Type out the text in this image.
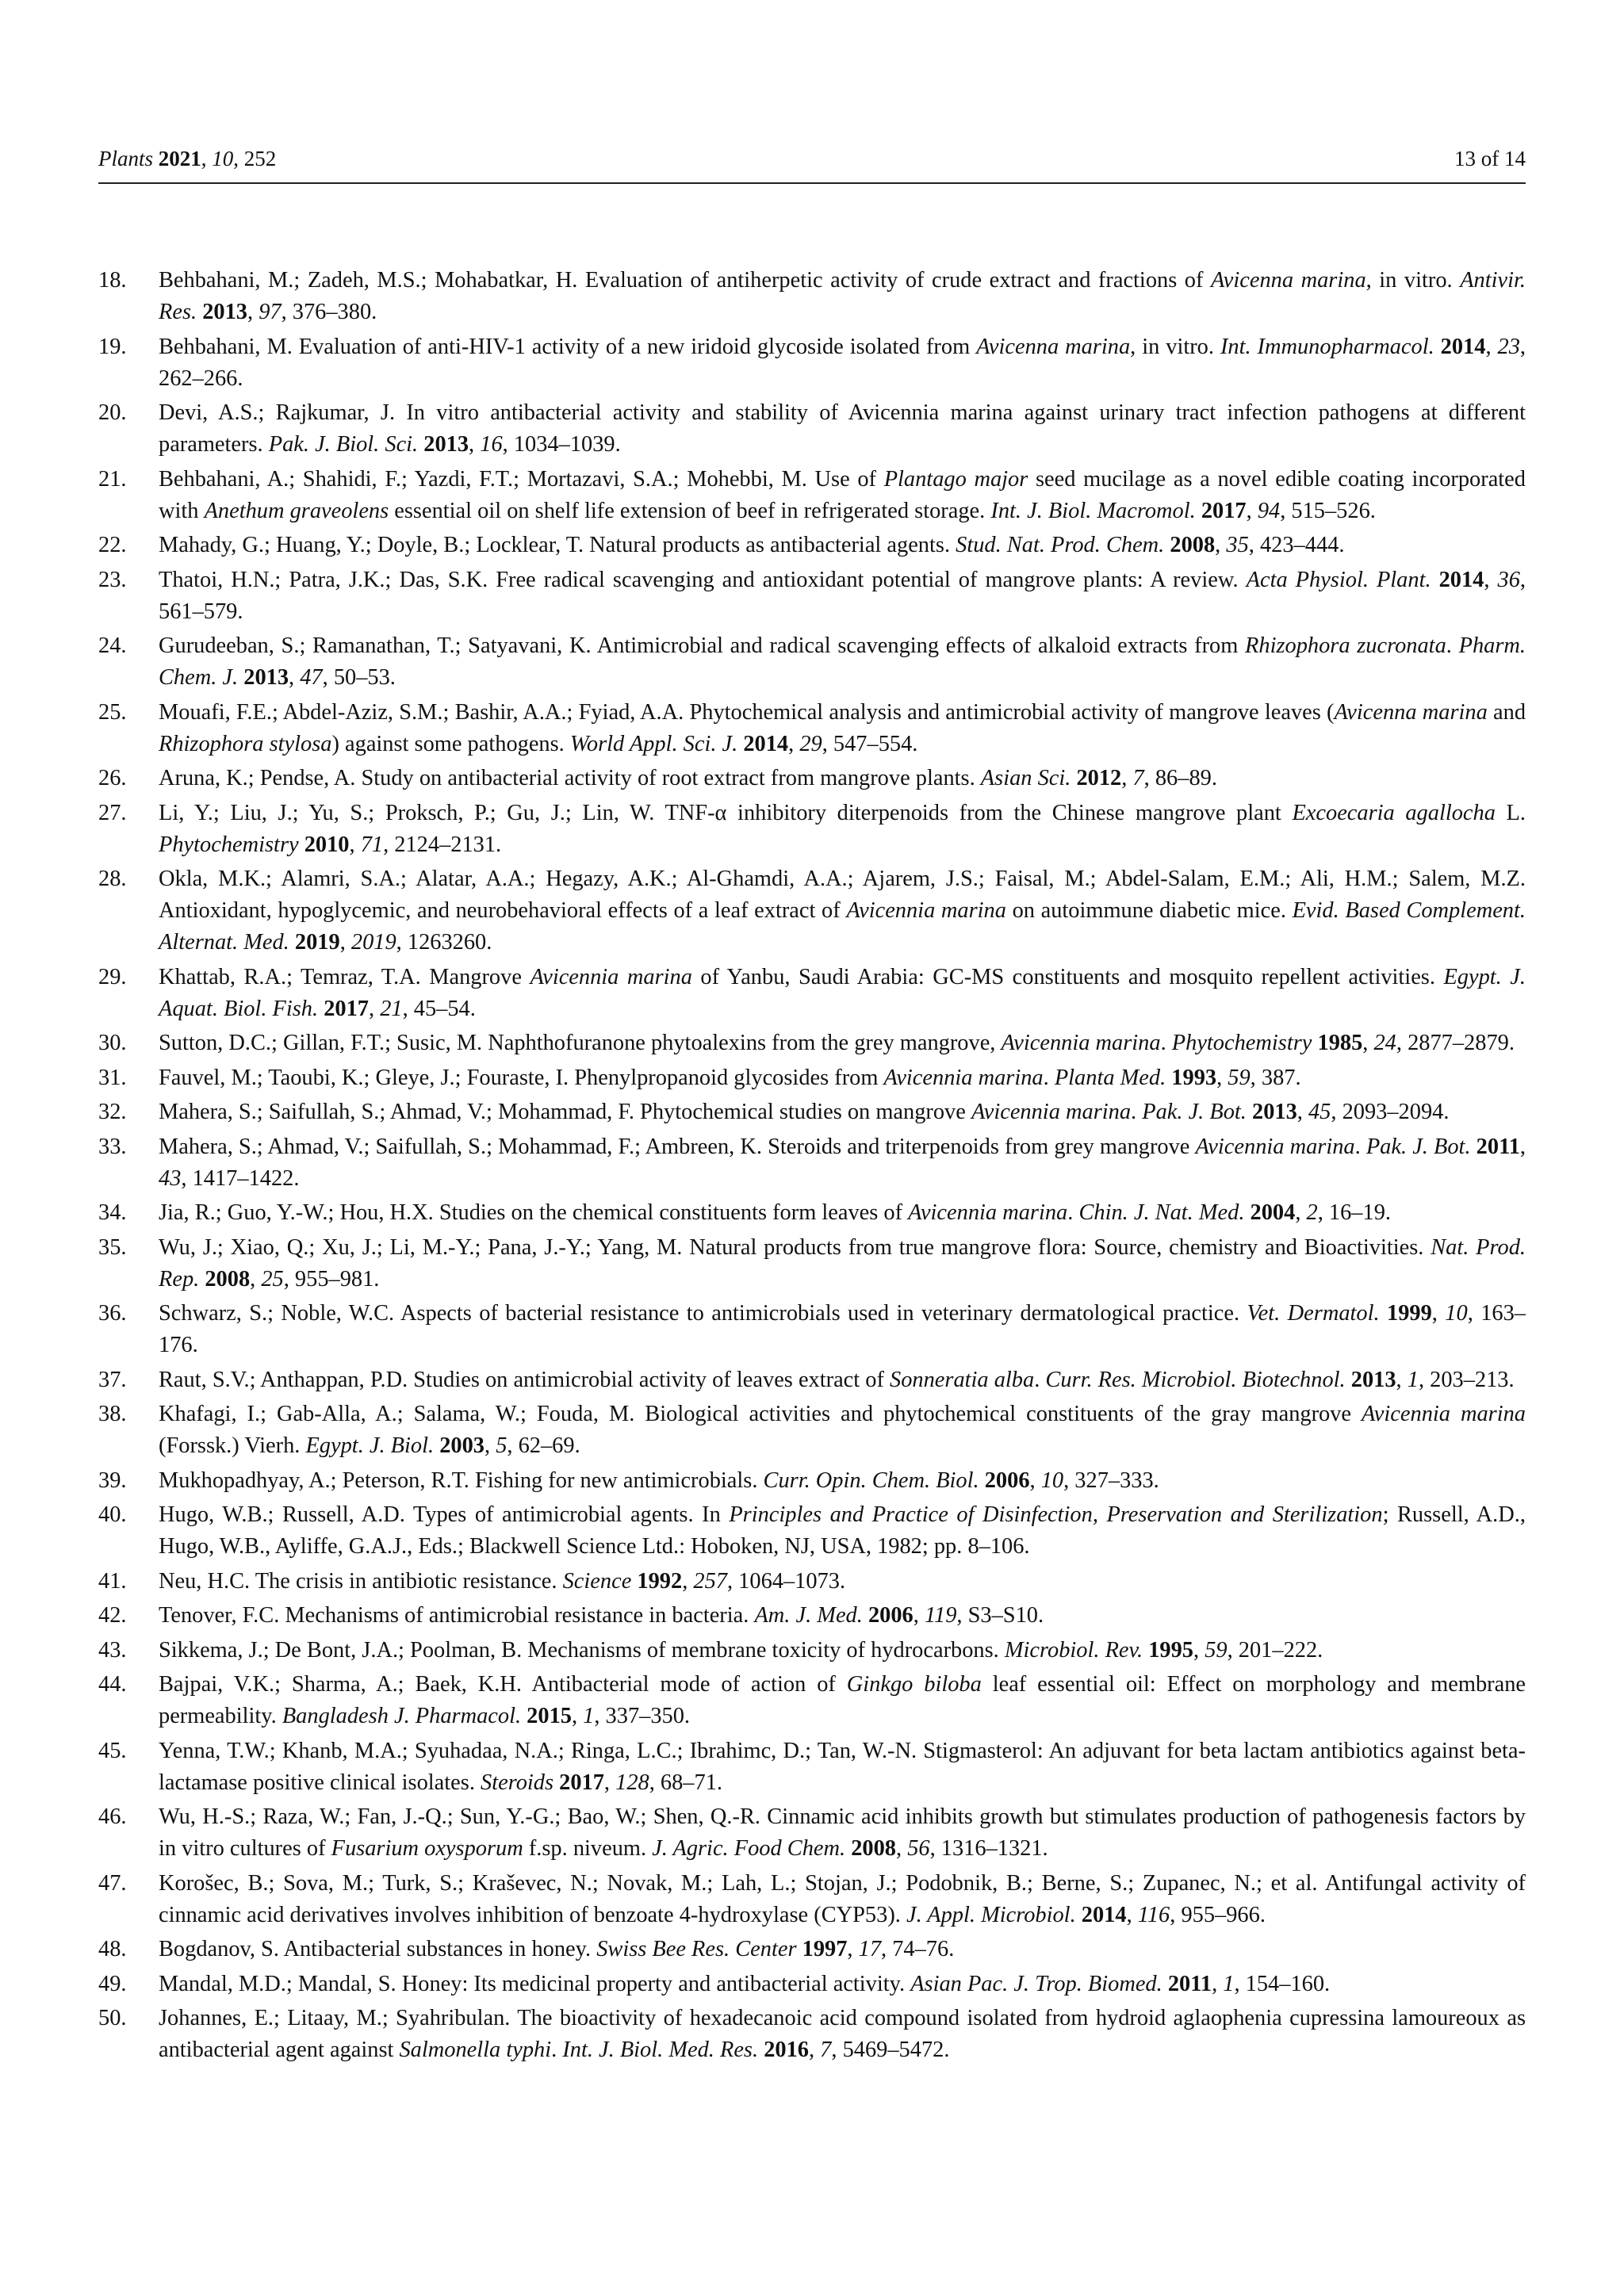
Plants 2021, 10, 252	13 of 14
18. Behbahani, M.; Zadeh, M.S.; Mohabatkar, H. Evaluation of antiherpetic activity of crude extract and fractions of Avicenna marina, in vitro. Antivir. Res. 2013, 97, 376–380.
19. Behbahani, M. Evaluation of anti-HIV-1 activity of a new iridoid glycoside isolated from Avicenna marina, in vitro. Int. Immunopharmacol. 2014, 23, 262–266.
20. Devi, A.S.; Rajkumar, J. In vitro antibacterial activity and stability of Avicennia marina against urinary tract infection pathogens at different parameters. Pak. J. Biol. Sci. 2013, 16, 1034–1039.
21. Behbahani, A.; Shahidi, F.; Yazdi, F.T.; Mortazavi, S.A.; Mohebbi, M. Use of Plantago major seed mucilage as a novel edible coating incorporated with Anethum graveolens essential oil on shelf life extension of beef in refrigerated storage. Int. J. Biol. Macromol. 2017, 94, 515–526.
22. Mahady, G.; Huang, Y.; Doyle, B.; Locklear, T. Natural products as antibacterial agents. Stud. Nat. Prod. Chem. 2008, 35, 423–444.
23. Thatoi, H.N.; Patra, J.K.; Das, S.K. Free radical scavenging and antioxidant potential of mangrove plants: A review. Acta Physiol. Plant. 2014, 36, 561–579.
24. Gurudeeban, S.; Ramanathan, T.; Satyavani, K. Antimicrobial and radical scavenging effects of alkaloid extracts from Rhizophora zucronata. Pharm. Chem. J. 2013, 47, 50–53.
25. Mouafi, F.E.; Abdel-Aziz, S.M.; Bashir, A.A.; Fyiad, A.A. Phytochemical analysis and antimicrobial activity of mangrove leaves (Avicenna marina and Rhizophora stylosa) against some pathogens. World Appl. Sci. J. 2014, 29, 547–554.
26. Aruna, K.; Pendse, A. Study on antibacterial activity of root extract from mangrove plants. Asian Sci. 2012, 7, 86–89.
27. Li, Y.; Liu, J.; Yu, S.; Proksch, P.; Gu, J.; Lin, W. TNF-α inhibitory diterpenoids from the Chinese mangrove plant Excoecaria agallocha L. Phytochemistry 2010, 71, 2124–2131.
28. Okla, M.K.; Alamri, S.A.; Alatar, A.A.; Hegazy, A.K.; Al-Ghamdi, A.A.; Ajarem, J.S.; Faisal, M.; Abdel-Salam, E.M.; Ali, H.M.; Salem, M.Z. Antioxidant, hypoglycemic, and neurobehavioral effects of a leaf extract of Avicennia marina on autoimmune diabetic mice. Evid. Based Complement. Alternat. Med. 2019, 2019, 1263260.
29. Khattab, R.A.; Temraz, T.A. Mangrove Avicennia marina of Yanbu, Saudi Arabia: GC-MS constituents and mosquito repellent activities. Egypt. J. Aquat. Biol. Fish. 2017, 21, 45–54.
30. Sutton, D.C.; Gillan, F.T.; Susic, M. Naphthofuranone phytoalexins from the grey mangrove, Avicennia marina. Phytochemistry 1985, 24, 2877–2879.
31. Fauvel, M.; Taoubi, K.; Gleye, J.; Fouraste, I. Phenylpropanoid glycosides from Avicennia marina. Planta Med. 1993, 59, 387.
32. Mahera, S.; Saifullah, S.; Ahmad, V.; Mohammad, F. Phytochemical studies on mangrove Avicennia marina. Pak. J. Bot. 2013, 45, 2093–2094.
33. Mahera, S.; Ahmad, V.; Saifullah, S.; Mohammad, F.; Ambreen, K. Steroids and triterpenoids from grey mangrove Avicennia marina. Pak. J. Bot. 2011, 43, 1417–1422.
34. Jia, R.; Guo, Y.-W.; Hou, H.X. Studies on the chemical constituents form leaves of Avicennia marina. Chin. J. Nat. Med. 2004, 2, 16–19.
35. Wu, J.; Xiao, Q.; Xu, J.; Li, M.-Y.; Pana, J.-Y.; Yang, M. Natural products from true mangrove flora: Source, chemistry and Bioactivities. Nat. Prod. Rep. 2008, 25, 955–981.
36. Schwarz, S.; Noble, W.C. Aspects of bacterial resistance to antimicrobials used in veterinary dermatological practice. Vet. Dermatol. 1999, 10, 163–176.
37. Raut, S.V.; Anthappan, P.D. Studies on antimicrobial activity of leaves extract of Sonneratia alba. Curr. Res. Microbiol. Biotechnol. 2013, 1, 203–213.
38. Khafagi, I.; Gab-Alla, A.; Salama, W.; Fouda, M. Biological activities and phytochemical constituents of the gray mangrove Avicennia marina (Forssk.) Vierh. Egypt. J. Biol. 2003, 5, 62–69.
39. Mukhopadhyay, A.; Peterson, R.T. Fishing for new antimicrobials. Curr. Opin. Chem. Biol. 2006, 10, 327–333.
40. Hugo, W.B.; Russell, A.D. Types of antimicrobial agents. In Principles and Practice of Disinfection, Preservation and Sterilization; Russell, A.D., Hugo, W.B., Ayliffe, G.A.J., Eds.; Blackwell Science Ltd.: Hoboken, NJ, USA, 1982; pp. 8–106.
41. Neu, H.C. The crisis in antibiotic resistance. Science 1992, 257, 1064–1073.
42. Tenover, F.C. Mechanisms of antimicrobial resistance in bacteria. Am. J. Med. 2006, 119, S3–S10.
43. Sikkema, J.; De Bont, J.A.; Poolman, B. Mechanisms of membrane toxicity of hydrocarbons. Microbiol. Rev. 1995, 59, 201–222.
44. Bajpai, V.K.; Sharma, A.; Baek, K.H. Antibacterial mode of action of Ginkgo biloba leaf essential oil: Effect on morphology and membrane permeability. Bangladesh J. Pharmacol. 2015, 1, 337–350.
45. Yenna, T.W.; Khanb, M.A.; Syuhadaa, N.A.; Ringa, L.C.; Ibrahimc, D.; Tan, W.-N. Stigmasterol: An adjuvant for beta lactam antibiotics against beta-lactamase positive clinical isolates. Steroids 2017, 128, 68–71.
46. Wu, H.-S.; Raza, W.; Fan, J.-Q.; Sun, Y.-G.; Bao, W.; Shen, Q.-R. Cinnamic acid inhibits growth but stimulates production of pathogenesis factors by in vitro cultures of Fusarium oxysporum f.sp. niveum. J. Agric. Food Chem. 2008, 56, 1316–1321.
47. Korošec, B.; Sova, M.; Turk, S.; Kraševec, N.; Novak, M.; Lah, L.; Stojan, J.; Podobnik, B.; Berne, S.; Zupanec, N.; et al. Antifungal activity of cinnamic acid derivatives involves inhibition of benzoate 4-hydroxylase (CYP53). J. Appl. Microbiol. 2014, 116, 955–966.
48. Bogdanov, S. Antibacterial substances in honey. Swiss Bee Res. Center 1997, 17, 74–76.
49. Mandal, M.D.; Mandal, S. Honey: Its medicinal property and antibacterial activity. Asian Pac. J. Trop. Biomed. 2011, 1, 154–160.
50. Johannes, E.; Litaay, M.; Syahribulan. The bioactivity of hexadecanoic acid compound isolated from hydroid aglaophenia cupressina lamoureoux as antibacterial agent against Salmonella typhi. Int. J. Biol. Med. Res. 2016, 7, 5469–5472.
